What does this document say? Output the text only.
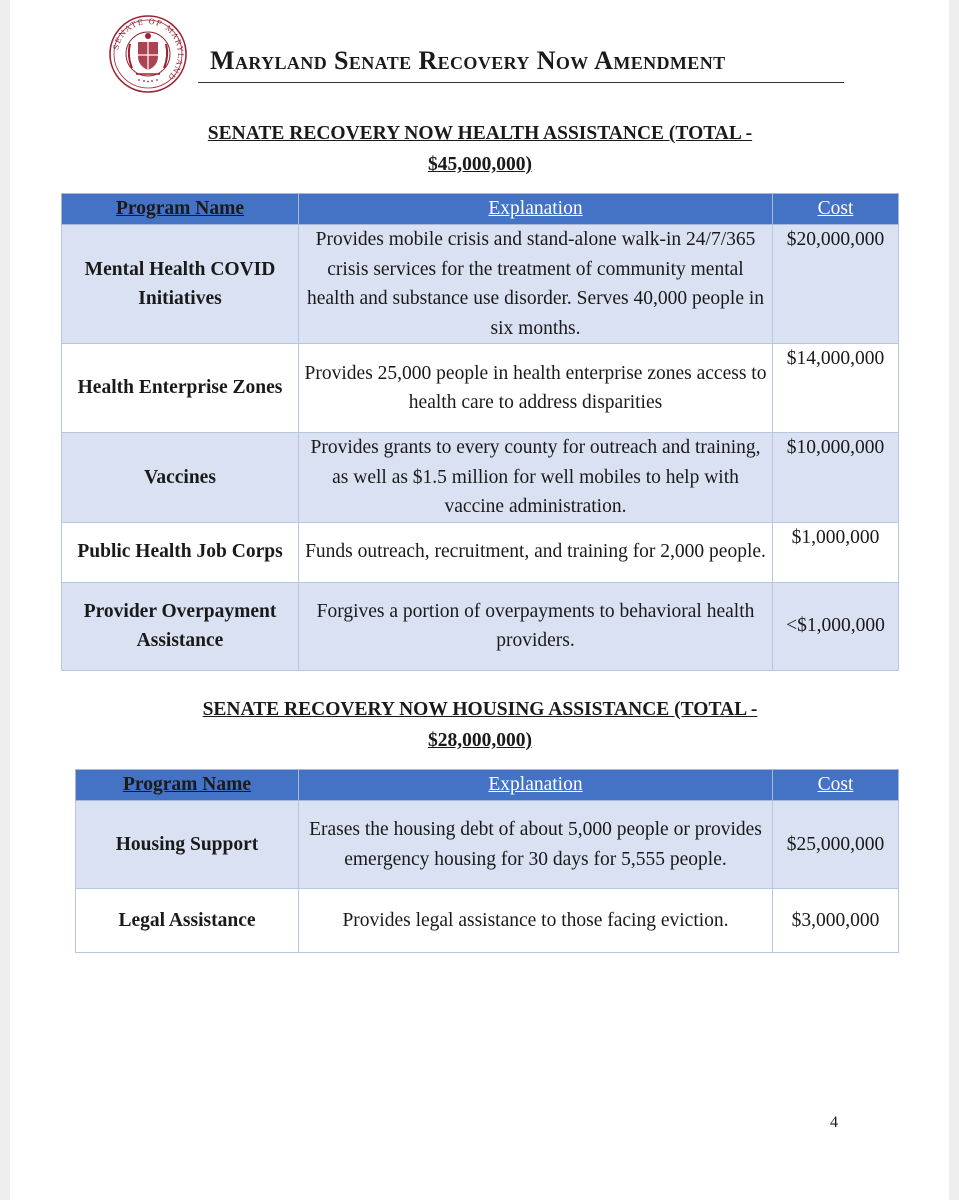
SENATE OF MARYLAND
Maryland Senate Recovery Now Amendment
SENATE RECOVERY NOW HEALTH ASSISTANCE (TOTAL -
$45,000,000)
Program Name	Explanation	Cost
Mental Health COVID Initiatives	Provides mobile crisis and stand-alone walk-in 24/7/365 crisis services for the treatment of community mental health and substance use disorder. Serves 40,000 people in six months.	$20,000,000
Health Enterprise Zones	Provides 25,000 people in health enterprise zones access to health care to address disparities	$14,000,000
Vaccines	Provides grants to every county for outreach and training, as well as $1.5 million for well mobiles to help with vaccine administration.	$10,000,000
Public Health Job Corps	Funds outreach, recruitment, and training for 2,000 people.	$1,000,000
Provider Overpayment Assistance	Forgives a portion of overpayments to behavioral health providers.	<$1,000,000
SENATE RECOVERY NOW HOUSING ASSISTANCE (TOTAL -
$28,000,000)
Program Name	Explanation	Cost
Housing Support	Erases the housing debt of about 5,000 people or provides emergency housing for 30 days for 5,555 people.	$25,000,000
Legal Assistance	Provides legal assistance to those facing eviction.	$3,000,000
4
